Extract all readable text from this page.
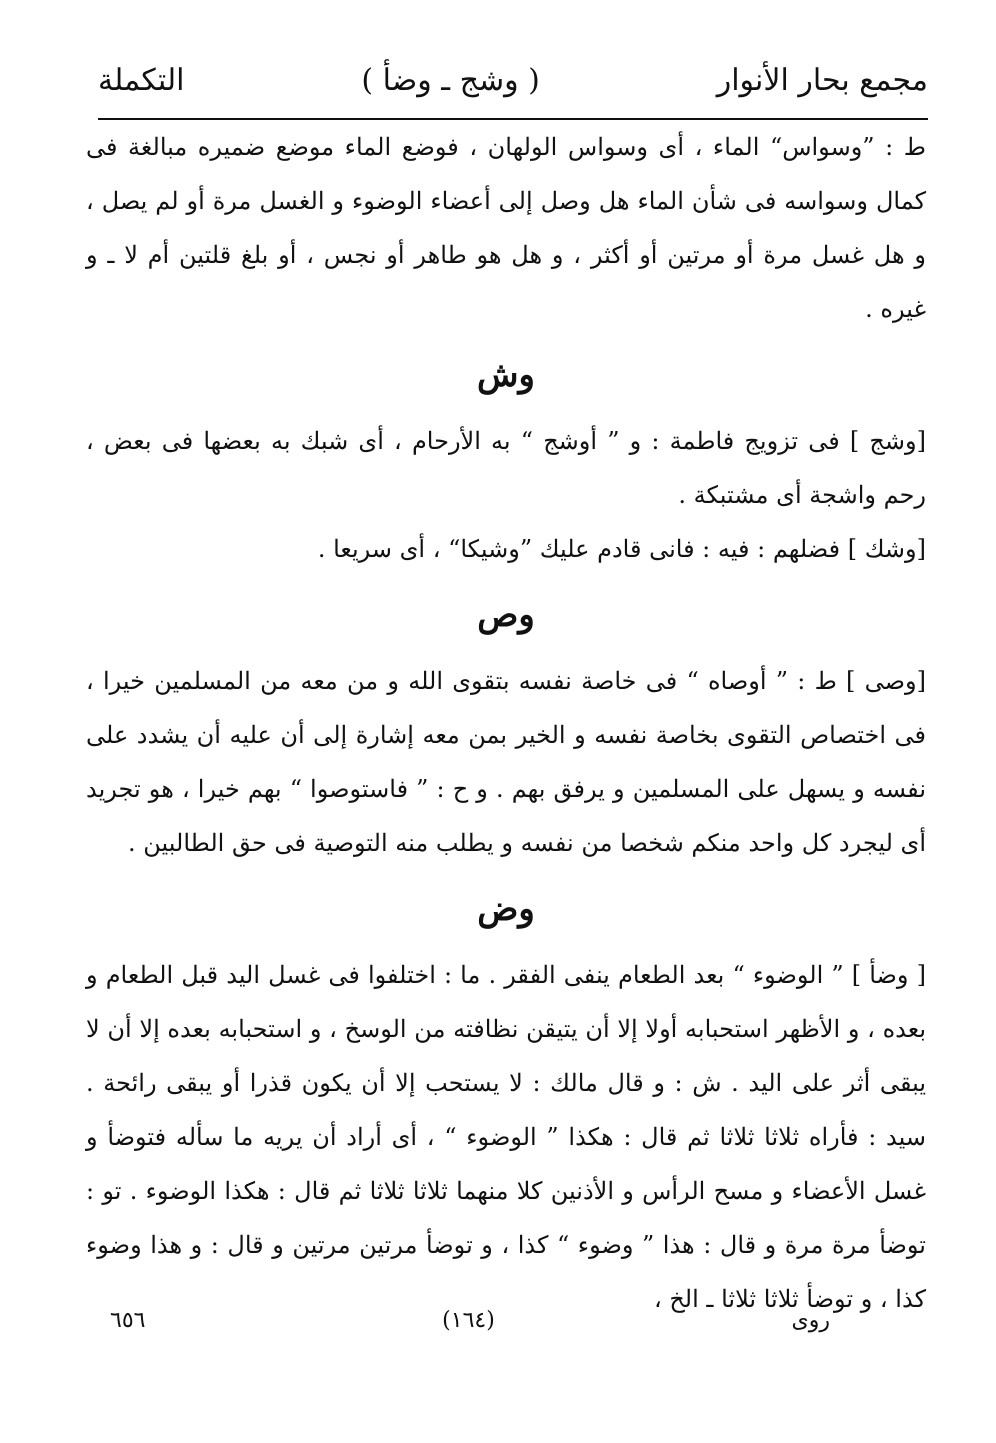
مجمع بحار الأنوار
( وشج ـ وضأ )
التكملة

ط : ”وسواس“ الماء ، أى وسواس الولهان ، فوضع الماء موضع ضميره مبالغة فى كمال وسواسه فى شأن الماء هل وصل إلى أعضاء الوضوء و الغسل مرة أو لم يصل ، و هل غسل مرة أو مرتين أو أكثر ، و هل هو طاهر أو نجس ، أو بلغ قلتين أم لا ـ و غيره .

وش

[وشج ] فى تزويج فاطمة : و ” أوشج “ به الأرحام ، أى شبك به بعضها فى بعض ، رحم واشجة أى مشتبكة .

[وشك ] فضلهم : فيه : فانى قادم عليك ”وشيكا“ ، أى سريعا .

وص

[وصى ] ط : ” أوصاه “ فى خاصة نفسه بتقوى الله و من معه من المسلمين خيرا ، فى اختصاص التقوى بخاصة نفسه و الخير بمن معه إشارة إلى أن عليه أن يشدد على نفسه و يسهل على المسلمين و يرفق بهم . و ح : ” فاستوصوا “ بهم خيرا ، هو تجريد أى ليجرد كل واحد منكم شخصا من نفسه و يطلب منه التوصية فى حق الطالبين .

وض

[ وضأ ] ” الوضوء “ بعد الطعام ينفى الفقر . ما : اختلفوا فى غسل اليد قبل الطعام و بعده ، و الأظهر استحبابه أولا إلا أن يتيقن نظافته من الوسخ ، و استحبابه بعده إلا أن لا يبقى أثر على اليد . ش : و قال مالك : لا يستحب إلا أن يكون قذرا أو يبقى رائحة . سيد : فأراه ثلاثا ثلاثا ثم قال : هكذا ” الوضوء “ ، أى أراد أن يريه ما سأله فتوضأ و غسل الأعضاء و مسح الرأس و الأذنين كلا منهما ثلاثا ثلاثا ثم قال : هكذا الوضوء . تو : توضأ مرة مرة و قال : هذا ” وضوء “ كذا ، و توضأ مرتين مرتين و قال : و هذا وضوء كذا ، و توضأ ثلاثا ثلاثا ـ الخ ،

روى
(١٦٤)
٦٥٦
